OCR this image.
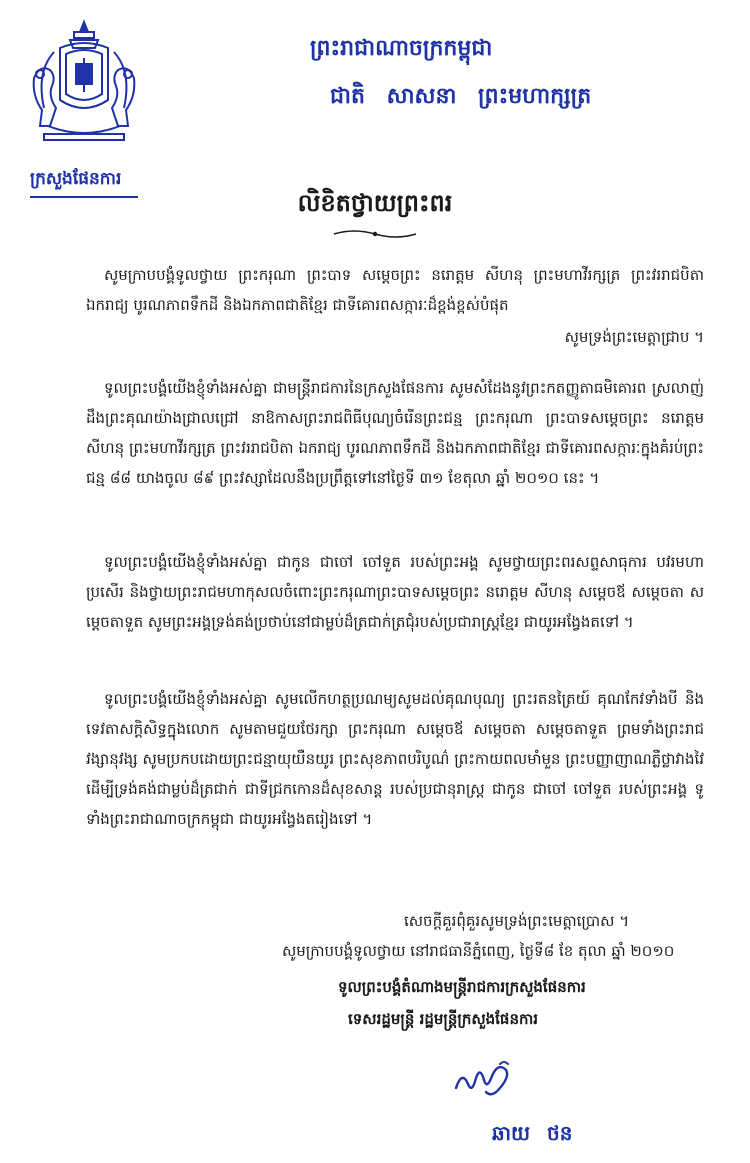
ក្រសួងផែនការ
ព្រះរាជាណាចក្រកម្ពុជា
ជាតិ សាសនា ព្រះមហាក្សត្រ
លិខិតថ្វាយព្រះពរ

សូមក្រាបបង្គំទូលថ្វាយ ព្រះករុណា ព្រះបាទ សម្តេចព្រះ នរោត្តម សីហនុ ព្រះមហាវីរក្សត្រ ព្រះវររាជបិតា ឯករាជ្យ បូរណភាពទឹកដី និងឯកភាពជាតិខ្មែរ ជាទីគោរពសក្ការៈដ៏ខ្ពង់ខ្ពស់បំផុត

សូមទ្រង់ព្រះមេត្តាជ្រាប ។

ទូលព្រះបង្គំយើងខ្ញុំទាំងអស់គ្នា ជាមន្ត្រីរាជការនៃក្រសួងផែនការ សូមសំដែងនូវព្រះកតញ្ញូតាធមិគោរព ស្រលាញ់ដឹងព្រះគុណយ៉ាងជ្រាលជ្រៅ នាឱកាសព្រះរាជពិធីបុណ្យចំរើនព្រះជន្ម ព្រះករុណា ព្រះបាទសម្តេចព្រះ នរោត្តម សីហនុ ព្រះមហាវីរក្សត្រ ព្រះវររាជបិតា ឯករាជ្យ បូរណភាពទឹកដី និងឯកភាពជាតិខ្មែរ ជាទីគោរពសក្ការៈក្នុងគំរប់ព្រះជន្ម ៨៨ យាងចូល ៨៩ ព្រះវស្សាដែលនឹងប្រព្រឹត្តទៅនៅថ្ងៃទី ៣១ ខែតុលា ឆ្នាំ ២០១០ នេះ ។

ទូលព្រះបង្គំយើងខ្ញុំទាំងអស់គ្នា ជាកូន ជាចៅ ចៅទួត របស់ព្រះអង្គ សូមថ្វាយព្រះពរសព្ទសាធុការ បវរមហាប្រសើរ និងថ្វាយព្រះរាជមហាកុសលចំពោះព្រះករុណាព្រះបាទសម្តេចព្រះ នរោត្តម សីហនុ សម្តេចឪ សម្តេចតា សម្តេចតាទួត សូមព្រះអង្គទ្រង់គង់ប្រថាប់នៅជាម្លប់ដ៏ត្រជាក់ត្រជុំរបស់ប្រជារាស្ត្រខ្មែរ ជាយូរអង្វែងតទៅ ។

ទូលព្រះបង្គំយើងខ្ញុំទាំងអស់គ្នា សូមលើកហត្ថប្រណម្យសូមដល់គុណបុណ្យ ព្រះរតនត្រៃយ៍ គុណកែវទាំងបី និង ទេវតាសក្តិសិទ្ធក្នុងលោក សូមតាមជួយថែរក្សា ព្រះករុណា សម្តេចឪ សម្តេចតា សម្តេចតាទួត ព្រមទាំងព្រះរាជវង្សានុវង្ស សូមប្រកបដោយព្រះជន្មាយុយឺនយូរ ព្រះសុខភាពបរិបូណ៌ ព្រះកាយពលមាំមួន ព្រះបញ្ញាញាណភ្លឺថ្លាវាងវៃដើម្បីទ្រង់គង់ជាម្លប់ដ៏ត្រជាក់ ជាទីជ្រកកោនដ៏សុខសាន្ត របស់ប្រជានុរាស្ត្រ ជាកូន ជាចៅ ចៅទួត របស់ព្រះអង្គ ទូទាំងព្រះរាជាណាចក្រកម្ពុជា ជាយូរអង្វែងតរៀងទៅ ។

សេចក្តីគួរពុំគួរសូមទ្រង់ព្រះមេត្តាប្រោស ។
សូមក្រាបបង្គំទូលថ្វាយ នៅរាជធានីភ្នំពេញ, ថ្ងៃទី៨ ខែ តុលា ឆ្នាំ ២០១០
ទូលព្រះបង្គំតំណាងមន្ត្រីរាជការក្រសួងផែនការ
ទេសរដ្ឋមន្ត្រី រដ្ឋមន្ត្រីក្រសួងផែនការ
ឆាយ ថន
